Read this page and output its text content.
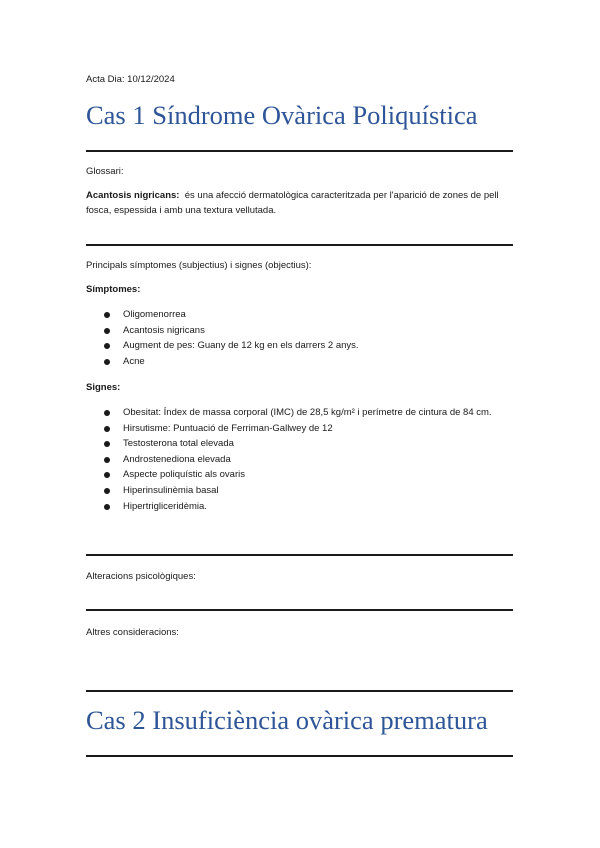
Acta Dia: 10/12/2024
Cas 1 Síndrome Ovàrica Poliquística
Glossari:
Acantosis nigricans: és una afecció dermatològica caracteritzada per l'aparició de zones de pell fosca, espessida i amb una textura vellutada.
Principals símptomes (subjectius) i signes (objectius):
Símptomes:
Oligomenorrea
Acantosis nigricans
Augment de pes: Guany de 12 kg en els darrers 2 anys.
Acne
Signes:
Obesitat: Índex de massa corporal (IMC) de 28,5 kg/m² i perímetre de cintura de 84 cm.
Hirsutisme: Puntuació de Ferriman-Gallwey de 12
Testosterona total elevada
Androstenediona elevada
Aspecte poliquístic als ovaris
Hiperinsulinèmia basal
Hipertrigliceridèmia.
Alteracions psicològiques:
Altres consideracions:
Cas 2 Insuficiència ovàrica prematura
